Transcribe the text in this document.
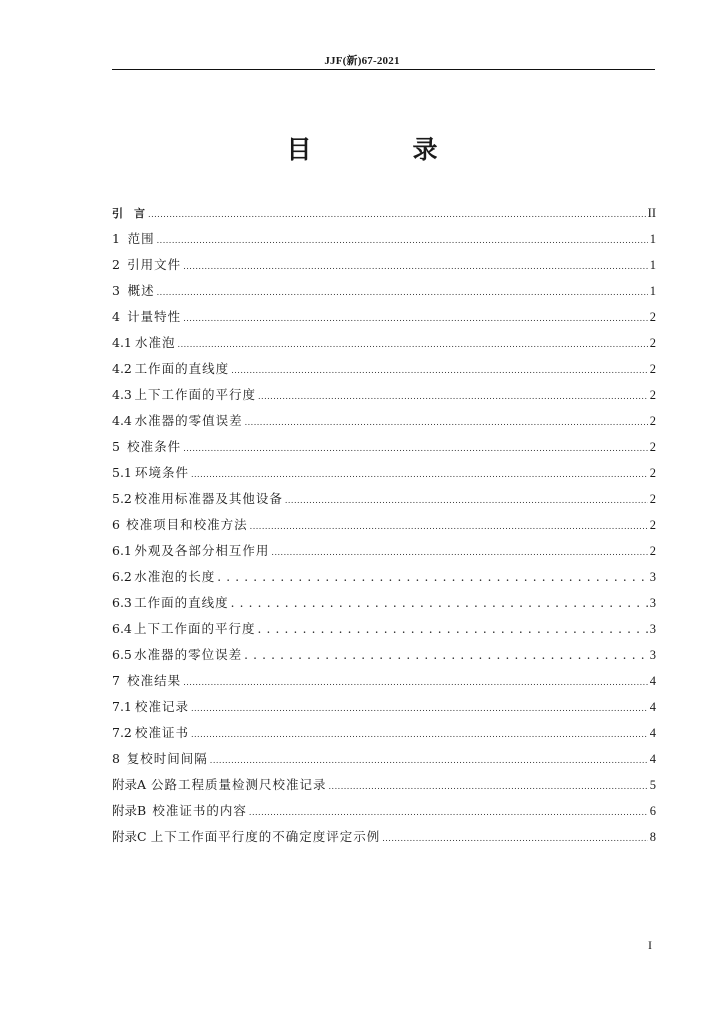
JJF(新)67-2021
目　录
引 言 .....	II
1 范围 .....	1
2 引用文件 .....	1
3 概述 .....	1
4 计量特性 .....	2
4.1 水准泡 .....	2
4.2 工作面的直线度 .....	2
4.3 上下工作面的平行度 .....	2
4.4 水准器的零值误差 .....	2
5 校准条件 .....	2
5.1 环境条件 .....	2
5.2 校准用标准器及其他设备 .....	2
6 校准项目和校准方法 .....	2
6.1 外观及各部分相互作用 .....	2
6.2 水准泡的长度 .....	3
6.3 工作面的直线度 .....	3
6.4 上下工作面的平行度 .....	3
6.5 水准器的零位误差 .....	3
7 校准结果 .....	4
7.1 校准记录 .....	4
7.2 校准证书 .....	4
8 复校时间间隔 .....	4
附录A 公路工程质量检测尺校准记录 .....	5
附录B 校准证书的内容 .....	6
附录C 上下工作面平行度的不确定度评定示例 .....	8
I
